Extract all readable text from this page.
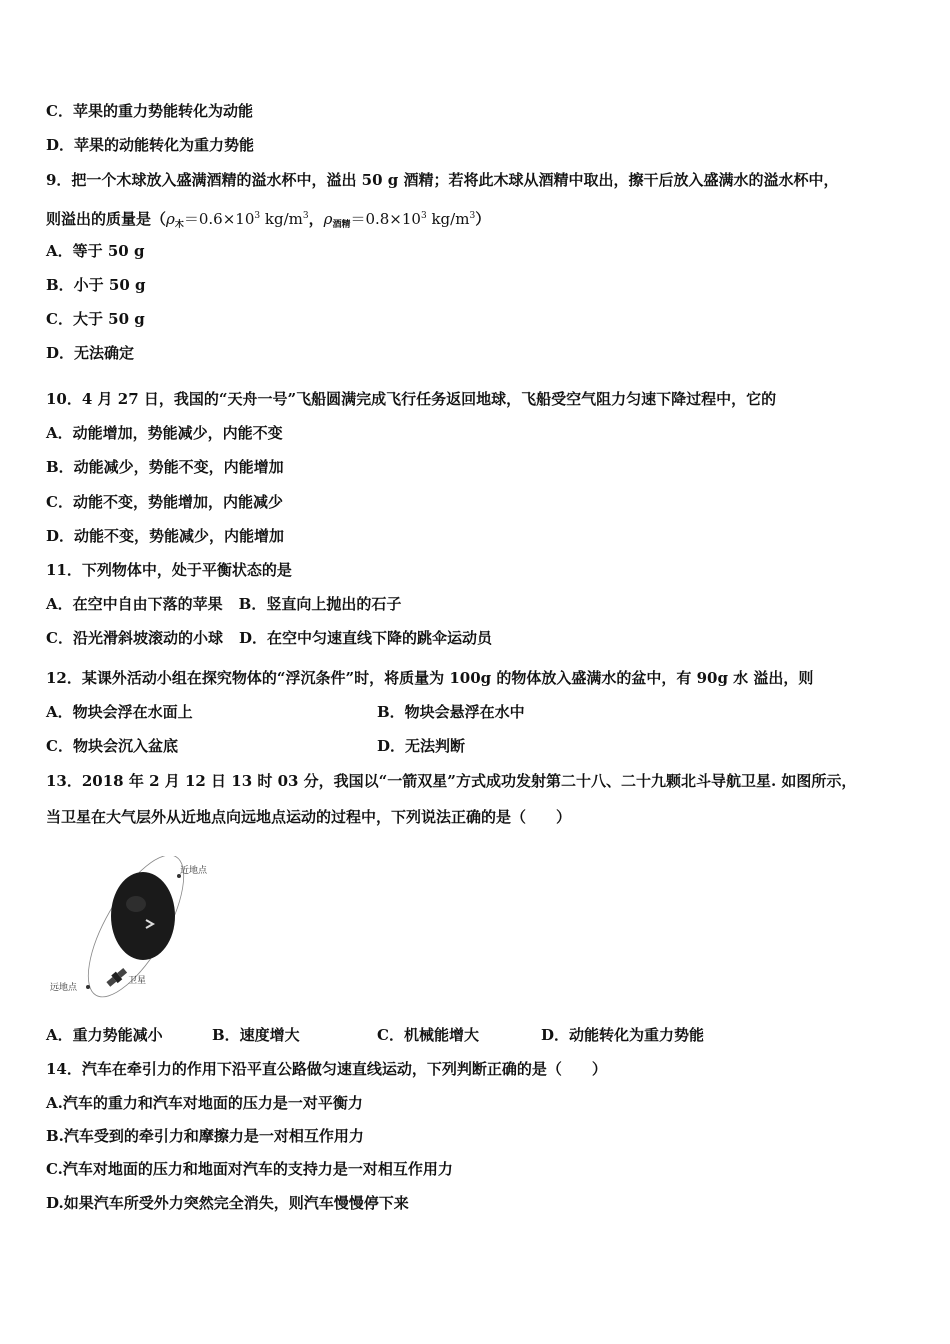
C．苹果的重力势能转化为动能
D．苹果的动能转化为重力势能
9．把一个木球放入盛满酒精的溢水杯中，溢出 50 g 酒精；若将此木球从酒精中取出，擦干后放入盛满水的溢水杯中，
则溢出的质量是（$\rho_木=0.6\times 10^3$ $kg/m^3$，$\rho_{酒精}=0.8\times 10^3$ $kg/m^3$）
A．等于 50 g
B．小于 50 g
C．大于 50 g
D．无法确定
10．4 月 27 日，我国的“天舟一号”飞船圆满完成飞行任务返回地球，飞船受空气阻力匀速下降过程中，它的
A．动能增加，势能减少，内能不变
B．动能减少，势能不变，内能增加
C．动能不变，势能增加，内能减少
D．动能不变，势能减少，内能增加
11．下列物体中，处于平衡状态的是
A．在空中自由下落的苹果 B．竖直向上抛出的石子
C．沿光滑斜坡滚动的小球 D．在空中匀速直线下降的跳伞运动员
12．某课外活动小组在探究物体的“浮沉条件”时，将质量为 100g 的物体放入盛满水的盆中，有 90g 水 溢出，则
A．物块会浮在水面上	B．物块会悬浮在水中
C．物块会沉入盆底	D．无法判断
13．2018 年 2 月 12 日 13 时 03 分，我国以“一箭双星”方式成功发射第二十八、二十九颗北斗导航卫星. 如图所示，
当卫星在大气层外从近地点向远地点运动的过程中，下列说法正确的是（　　）
近地点
远地点
卫星
A．重力势能减小	B．速度增大	C．机械能增大	D．动能转化为重力势能
14．汽车在牵引力的作用下沿平直公路做匀速直线运动，下列判断正确的是（　　）
A.汽车的重力和汽车对地面的压力是一对平衡力
B.汽车受到的牵引力和摩擦力是一对相互作用力
C.汽车对地面的压力和地面对汽车的支持力是一对相互作用力
D.如果汽车所受外力突然完全消失，则汽车慢慢停下来
